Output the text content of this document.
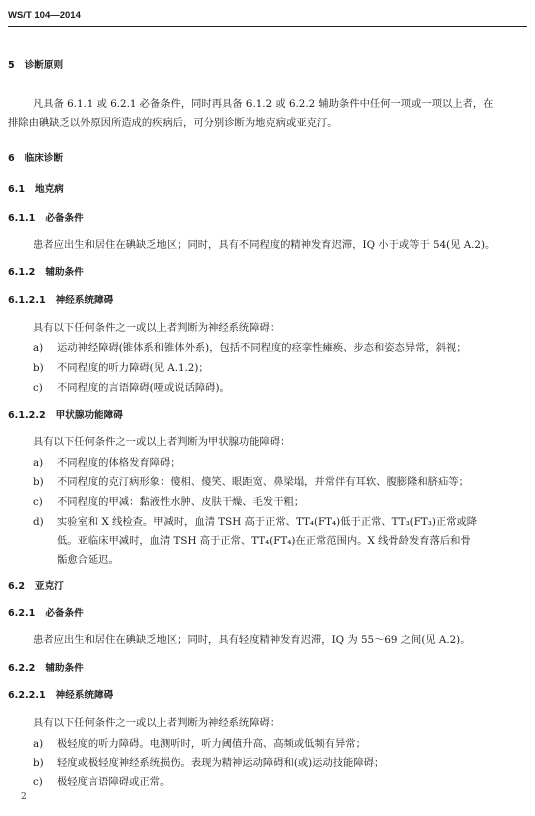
WS/T 104—2014
5 诊断原则
凡具备 6.1.1 或 6.2.1 必备条件，同时再具备 6.1.2 或 6.2.2 辅助条件中任何一项或一项以上者，在
排除由碘缺乏以外原因所造成的疾病后，可分别诊断为地克病或亚克汀。
6 临床诊断
6.1 地克病
6.1.1 必备条件
患者应出生和居住在碘缺乏地区；同时，具有不同程度的精神发育迟滞，IQ 小于或等于 54(见 A.2)。
6.1.2 辅助条件
6.1.2.1 神经系统障碍
具有以下任何条件之一或以上者判断为神经系统障碍：
a) 运动神经障碍(锥体系和锥体外系)，包括不同程度的痉挛性瘫痪、步态和姿态异常，斜视；
b) 不同程度的听力障碍(见 A.1.2)；
c) 不同程度的言语障碍(哑或说话障碍)。
6.1.2.2 甲状腺功能障碍
具有以下任何条件之一或以上者判断为甲状腺功能障碍：
a) 不同程度的体格发育障碍；
b) 不同程度的克汀病形象：傻相、傻笑、眼距宽、鼻梁塌，并常伴有耳软、腹膨隆和脐疝等；
c) 不同程度的甲减：黏液性水肿、皮肤干燥、毛发干粗；
d) 实验室和 X 线检查。甲减时，血清 TSH 高于正常、TT₄(FT₄)低于正常、TT₃(FT₃)正常或降
低。亚临床甲减时，血清 TSH 高于正常、TT₄(FT₄)在正常范围内。X 线骨龄发育落后和骨
骺愈合延迟。
6.2 亚克汀
6.2.1 必备条件
患者应出生和居住在碘缺乏地区；同时，具有轻度精神发育迟滞，IQ 为 55～69 之间(见 A.2)。
6.2.2 辅助条件
6.2.2.1 神经系统障碍
具有以下任何条件之一或以上者判断为神经系统障碍：
a) 极轻度的听力障碍。电测听时，听力阈值升高、高频或低频有异常；
b) 轻度或极轻度神经系统损伤。表现为精神运动障碍和(或)运动技能障碍；
c) 极轻度言语障碍或正常。
2
